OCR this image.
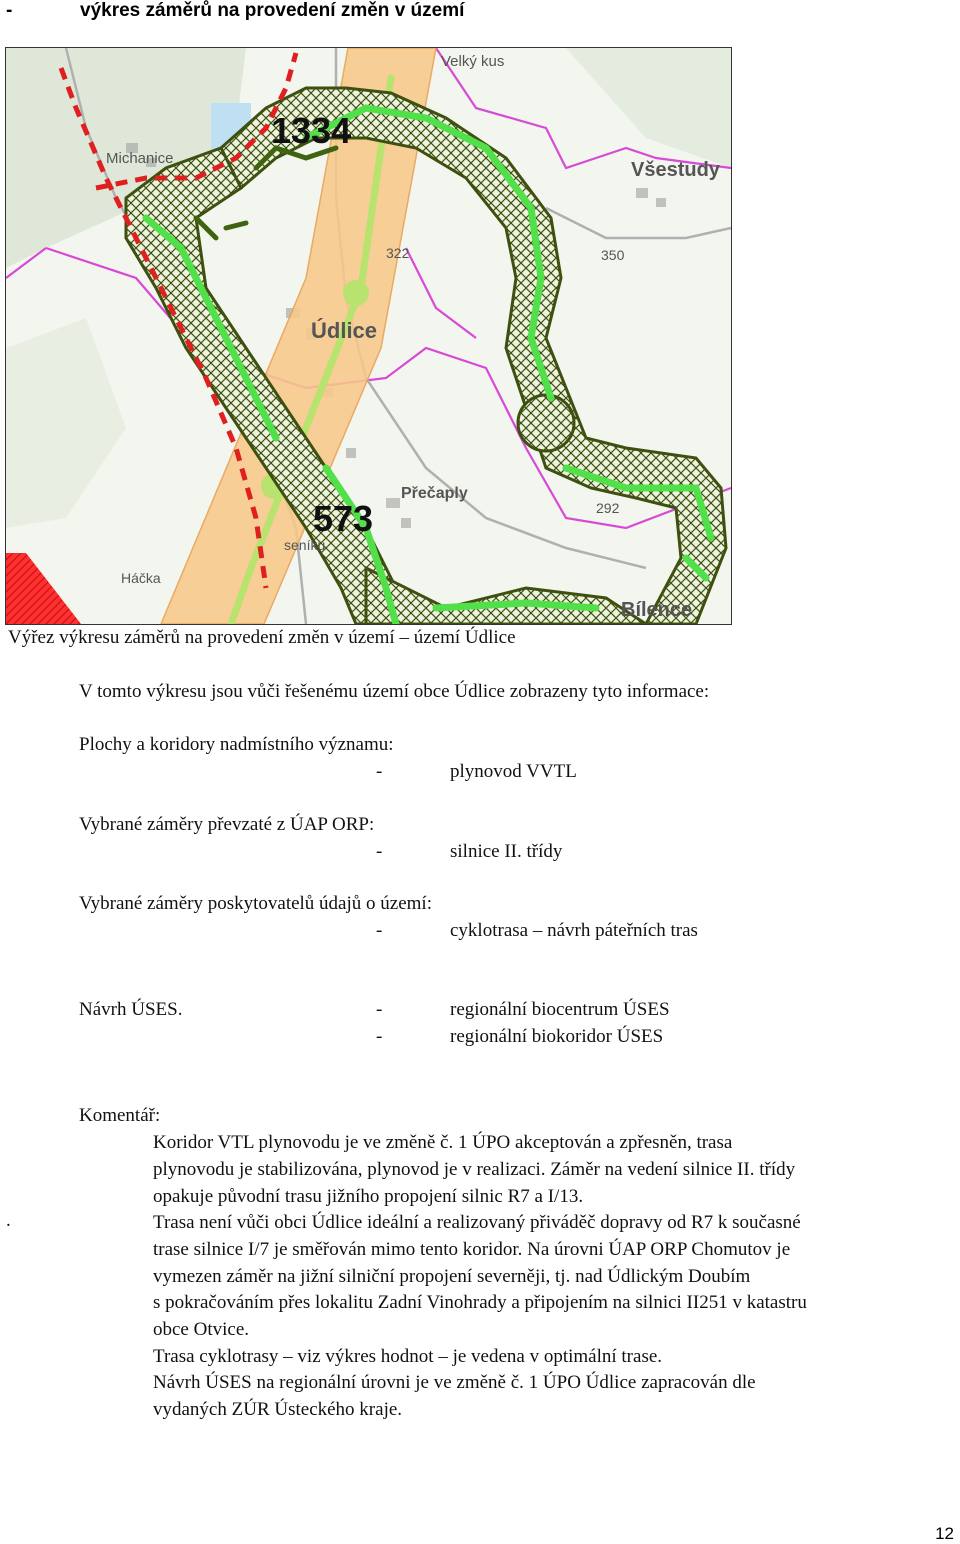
-	výkres záměrů na provedení změn v území
1334
573
Všestudy
Údlice
Přečaply
Michanice
Bílence
Velký kus
322	350
292
seníku
Háčka
Výřez výkresu záměrů na provedení změn v území – území Údlice
V tomto výkresu jsou vůči řešenému území obce Údlice zobrazeny tyto informace:
Plochy a koridory nadmístního významu:
-	plynovod VVTL
Vybrané záměry převzaté z ÚAP ORP:
-	silnice II. třídy
Vybrané záměry poskytovatelů údajů o území:
-	cyklotrasa – návrh páteřních tras
Návrh ÚSES.	-	regionální biocentrum ÚSES
-	regionální biokoridor ÚSES
Komentář:
Koridor VTL plynovodu je ve změně č. 1 ÚPO akceptován a zpřesněn, trasa
plynovodu je stabilizována, plynovod je v realizaci. Záměr na vedení silnice II. třídy
opakuje původní trasu jižního propojení silnic R7 a I/13.
.	Trasa není vůči obci Údlice ideální a realizovaný přiváděč dopravy od R7 k současné
trase silnice I/7 je směřován mimo tento koridor. Na úrovni ÚAP ORP Chomutov je
vymezen záměr na jižní silniční propojení severněji, tj. nad Údlickým Doubím
s pokračováním přes lokalitu Zadní Vinohrady a připojením na silnici II251 v katastru
obce Otvice.
Trasa cyklotrasy – viz výkres hodnot – je vedena v optimální trase.
Návrh ÚSES na regionální úrovni je ve změně č. 1 ÚPO Údlice zapracován dle
vydaných ZÚR Ústeckého kraje.
12
